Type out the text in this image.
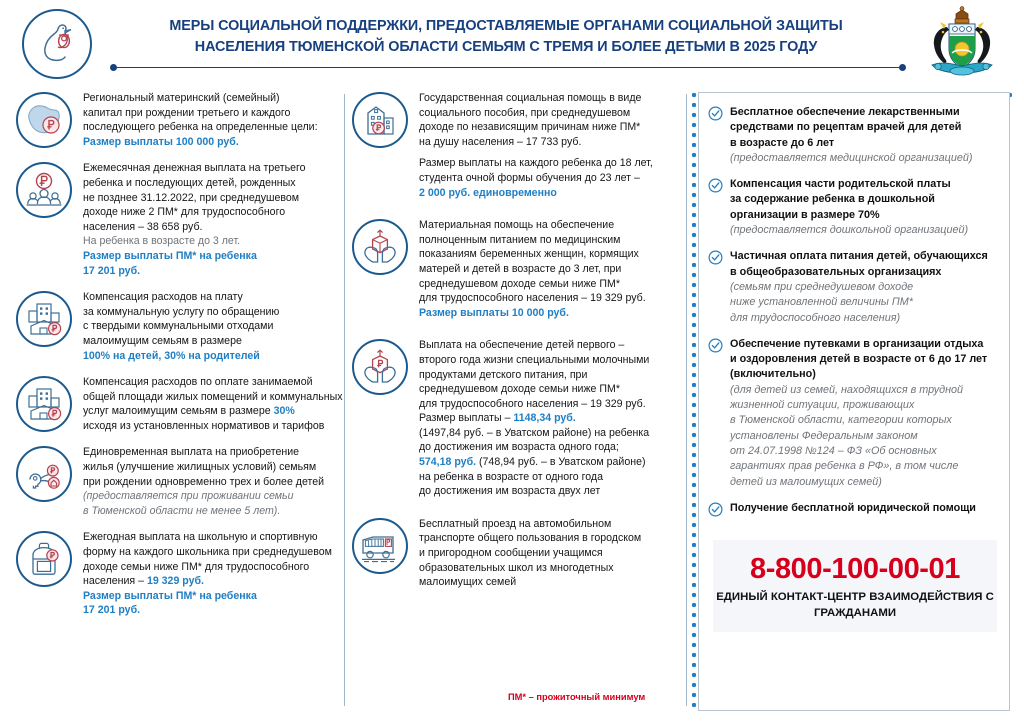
МЕРЫ СОЦИАЛЬНОЙ ПОДДЕРЖКИ, ПРЕДОСТАВЛЯЕМЫЕ ОРГАНАМИ СОЦИАЛЬНОЙ ЗАЩИТЫ
НАСЕЛЕНИЯ ТЮМЕНСКОЙ ОБЛАСТИ СЕМЬЯМ С ТРЕМЯ И БОЛЕЕ ДЕТЬМИ В 2025 ГОДУ
Региональный материнский (семейный)
капитал при рождении третьего и каждого
последующего ребенка на определенные цели:
Размер выплаты 100 000 руб.
Ежемесячная денежная выплата на третьего
ребенка и последующих детей, рожденных
не позднее 31.12.2022, при среднедушевом
доходе ниже 2 ПМ* для трудоспособного
населения – 38 658 руб.
На ребенка в возрасте до 3 лет.
Размер выплаты ПМ* на ребенка
17 201 руб.
Компенсация расходов на плату
за коммунальную услугу по обращению
с твердыми коммунальными отходами
малоимущим семьям в размере
100% на детей, 30% на родителей
Компенсация расходов по оплате занимаемой
общей площади жилых помещений и коммунальных
услуг малоимущим семьям в размере 30%
исходя из установленных нормативов и тарифов
Единовременная выплата на приобретение
жилья (улучшение жилищных условий) семьям
при рождении одновременно трех и более детей
(предоставляется при проживании семьи
в Тюменской области не менее 5 лет).
Ежегодная выплата на школьную и спортивную
форму на каждого школьника при среднедушевом
доходе семьи ниже ПМ* для трудоспособного
населения – 19 329 руб.
Размер выплаты ПМ* на ребенка
17 201 руб.
Государственная социальная помощь в виде
социального пособия, при среднедушевом
доходе по независящим причинам ниже ПМ*
на душу населения – 17 733 руб.

Размер выплаты на каждого ребенка до 18 лет,
студента очной формы обучения до 23 лет –
2 000 руб. единовременно
Материальная помощь на обеспечение
полноценным питанием по медицинским
показаниям беременных женщин, кормящих
матерей и детей в возрасте до 3 лет, при
среднедушевом доходе семьи ниже ПМ*
для трудоспособного населения – 19 329 руб.
Размер выплаты 10 000 руб.
Выплата на обеспечение детей первого –
второго года жизни специальными молочными
продуктами детского питания, при
среднедушевом доходе семьи ниже ПМ*
для трудоспособного населения – 19 329 руб.
Размер выплаты – 1148,34 руб.
(1497,84 руб. – в Уватском районе) на ребенка
до достижения им возраста одного года;
574,18 руб. (748,94 руб. – в Уватском районе)
на ребенка в возрасте от одного года
до достижения им возраста двух лет
Бесплатный проезд на автомобильном
транспорте общего пользования в городском
и пригородном сообщении учащимся
образовательных школ из многодетных
малоимущих семей
Бесплатное обеспечение лекарственными
средствами по рецептам врачей для детей
в возрасте до 6 лет
(предоставляется медицинской организацией)
Компенсация части родительской платы
за содержание ребенка в дошкольной
организации в размере 70%
(предоставляется дошкольной организацией)
Частичная оплата питания детей, обучающихся
в общеобразовательных организациях
(семьям при среднедушевом доходе
ниже установленной величины ПМ*
для трудоспособного населения)
Обеспечение путевками в организации отдыха
и оздоровления детей в возрасте от 6 до 17 лет
(включительно)
(для детей из семей, находящихся в трудной
жизненной ситуации, проживающих
в Тюменской области, категории которых
установлены Федеральным законом
от 24.07.1998 №124 – ФЗ «Об основных
гарантиях прав ребенка в РФ», в том числе
детей из малоимущих семей)
Получение бесплатной юридической помощи
8-800-100-00-01
ЕДИНЫЙ КОНТАКТ-ЦЕНТР ВЗАИМОДЕЙСТВИЯ С ГРАЖДАНАМИ
ПМ* – прожиточный минимум
